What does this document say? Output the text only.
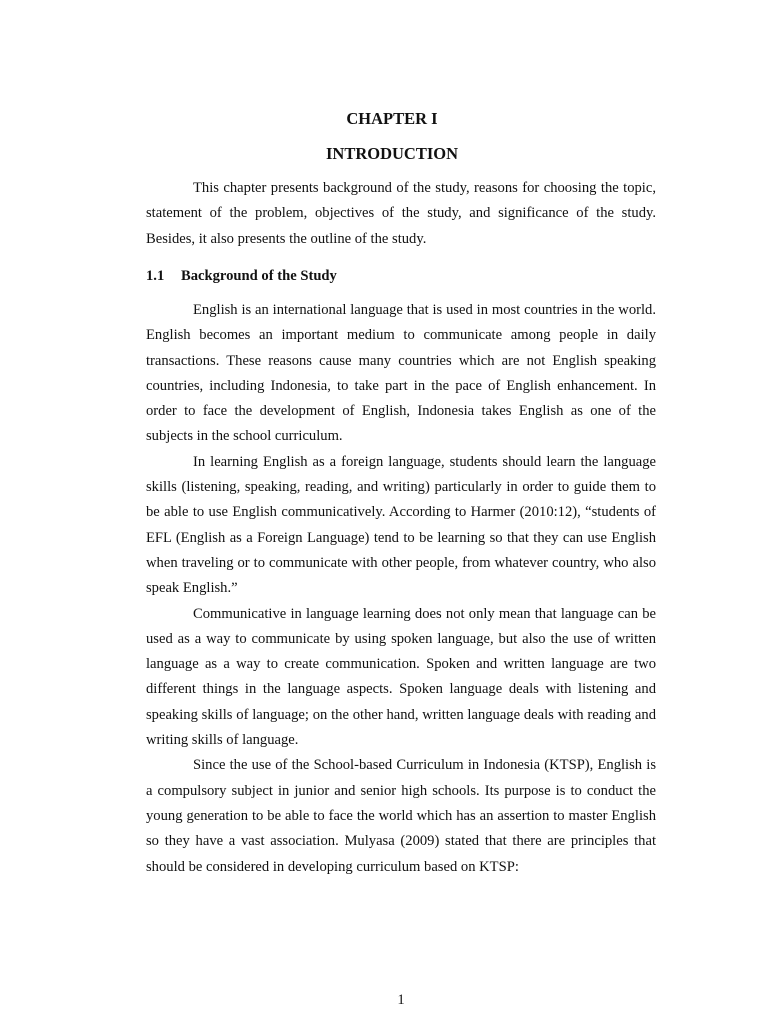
CHAPTER I
INTRODUCTION

This chapter presents background of the study, reasons for choosing the topic, statement of the problem, objectives of the study, and significance of the study. Besides, it also presents the outline of the study.

1.1 Background of the Study

English is an international language that is used in most countries in the world. English becomes an important medium to communicate among people in daily transactions. These reasons cause many countries which are not English speaking countries, including Indonesia, to take part in the pace of English enhancement. In order to face the development of English, Indonesia takes English as one of the subjects in the school curriculum.

In learning English as a foreign language, students should learn the language skills (listening, speaking, reading, and writing) particularly in order to guide them to be able to use English communicatively. According to Harmer (2010:12), “students of EFL (English as a Foreign Language) tend to be learning so that they can use English when traveling or to communicate with other people, from whatever country, who also speak English.”

Communicative in language learning does not only mean that language can be used as a way to communicate by using spoken language, but also the use of written language as a way to create communication. Spoken and written language are two different things in the language aspects. Spoken language deals with listening and speaking skills of language; on the other hand, written language deals with reading and writing skills of language.

Since the use of the School-based Curriculum in Indonesia (KTSP), English is a compulsory subject in junior and senior high schools. Its purpose is to conduct the young generation to be able to face the world which has an assertion to master English so they have a vast association. Mulyasa (2009) stated that there are principles that should be considered in developing curriculum based on KTSP:

1
